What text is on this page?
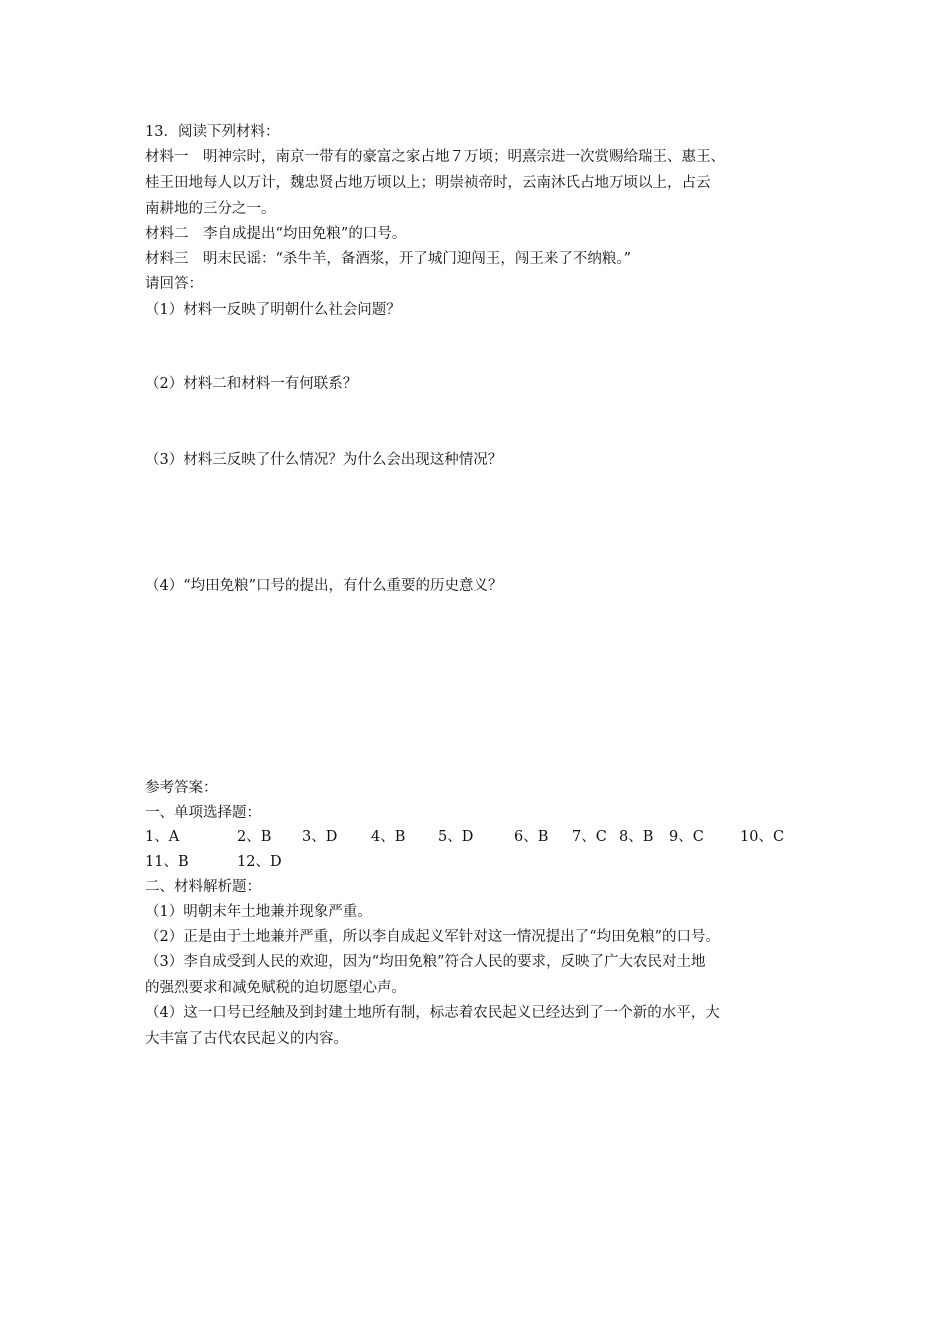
13．阅读下列材料：
材料一　明神宗时，南京一带有的豪富之家占地７万顷；明熹宗进一次赏赐给瑞王、惠王、
桂王田地每人以万计，魏忠贤占地万顷以上；明崇祯帝时，云南沐氏占地万顷以上，占云
南耕地的三分之一。
材料二　李自成提出“均田免粮”的口号。
材料三　明末民谣：“杀牛羊，备酒浆，开了城门迎闯王，闯王来了不纳粮。”
请回答：
（1）材料一反映了明朝什么社会问题？
（2）材料二和材料一有何联系？
（3）材料三反映了什么情况？为什么会出现这种情况？
（4）“均田免粮”口号的提出，有什么重要的历史意义？
参考答案：
一、单项选择题：
1、A	2、B 3、D 4、B 5、D	6、B 7、C 8、B 9、C 10、C
11、B	12、D
二、材料解析题：
（1）明朝末年土地兼并现象严重。
（2）正是由于土地兼并严重，所以李自成起义军针对这一情况提出了“均田免粮”的口号。
（3）李自成受到人民的欢迎，因为“均田免粮”符合人民的要求，反映了广大农民对土地
的强烈要求和减免赋税的迫切愿望心声。
（4）这一口号已经触及到封建土地所有制，标志着农民起义已经达到了一个新的水平，大
大丰富了古代农民起义的内容。
